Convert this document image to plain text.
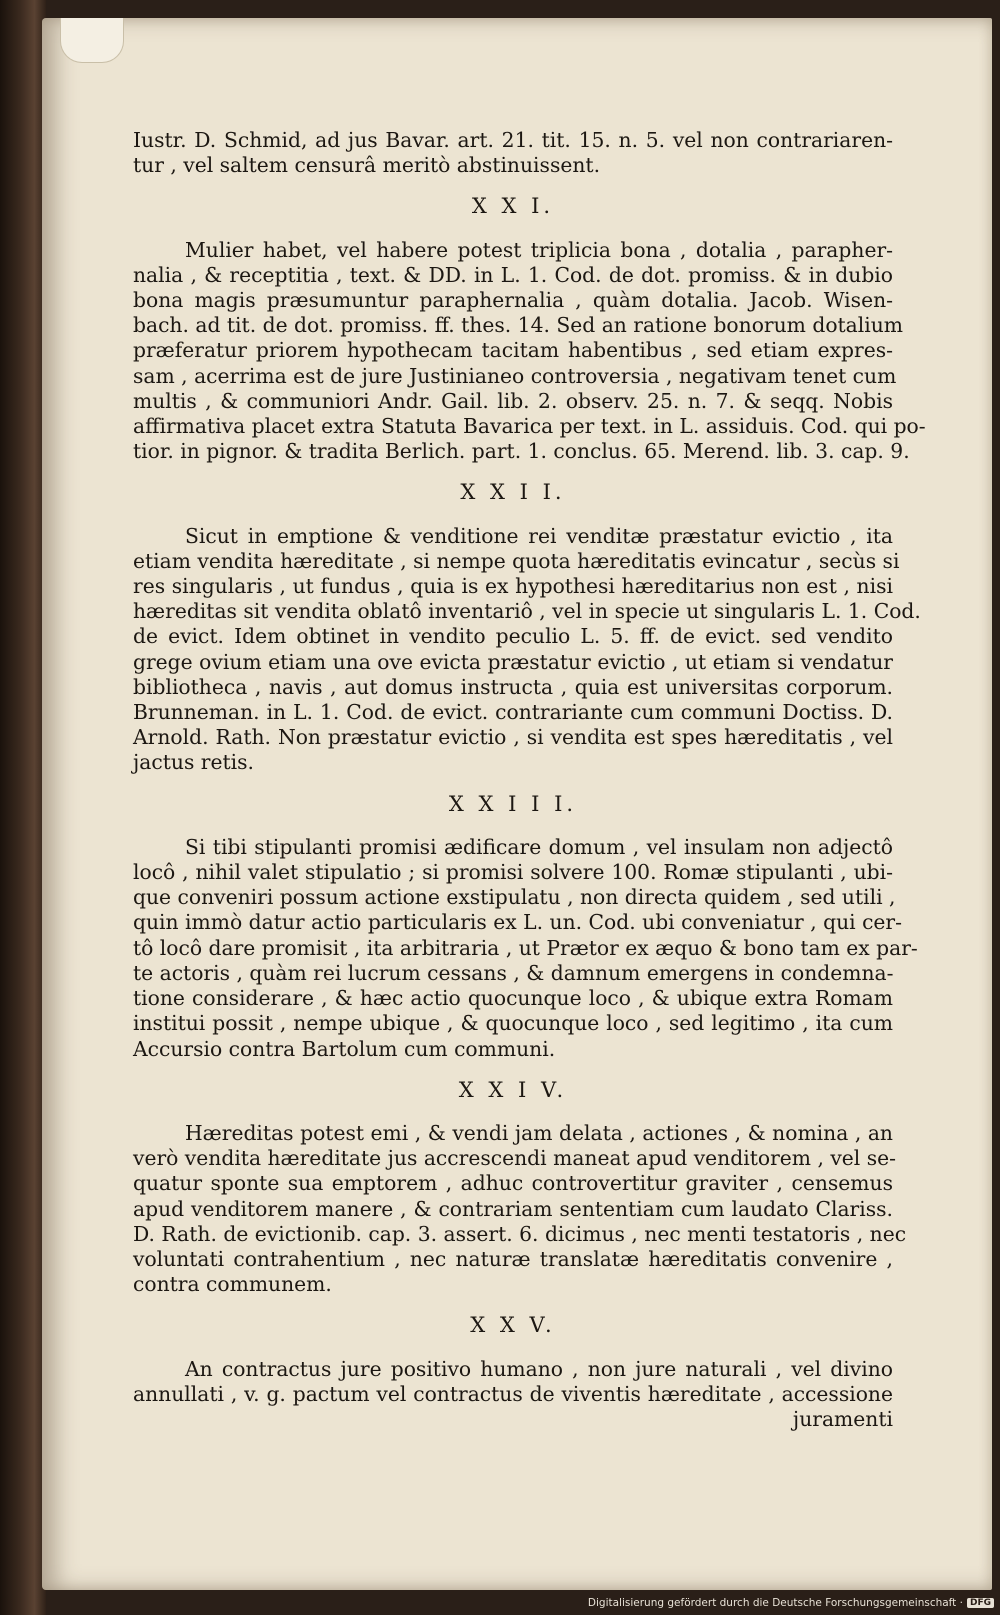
Iustr. D. Schmid, ad jus Bavar. art. 21. tit. 15. n. 5. vel non contrariaren-
tur , vel saltem censurâ meritò abstinuissent.
X X I.
Mulier habet, vel habere potest triplicia bona , dotalia , parapher-
nalia , & receptitia , text. & DD. in L. 1. Cod. de dot. promiss. & in dubio
bona magis præsumuntur paraphernalia , quàm dotalia. Jacob. Wisen-
bach. ad tit. de dot. promiss. ff. thes. 14. Sed an ratione bonorum dotalium
præferatur priorem hypothecam tacitam habentibus , sed etiam expres-
sam , acerrima est de jure Justinianeo controversia , negativam tenet cum
multis , & communiori Andr. Gail. lib. 2. observ. 25. n. 7. & seqq. Nobis
affirmativa placet extra Statuta Bavarica per text. in L. assiduis. Cod. qui po-
tior. in pignor. & tradita Berlich. part. 1. conclus. 65. Merend. lib. 3. cap. 9.
X X I I.
Sicut in emptione & venditione rei venditæ præstatur evictio , ita
etiam vendita hæreditate , si nempe quota hæreditatis evincatur , secùs si
res singularis , ut fundus , quia is ex hypothesi hæreditarius non est , nisi
hæreditas sit vendita oblatô inventariô , vel in specie ut singularis L. 1. Cod.
de evict. Idem obtinet in vendito peculio L. 5. ff. de evict. sed vendito
grege ovium etiam una ove evicta præstatur evictio , ut etiam si vendatur
bibliotheca , navis , aut domus instructa , quia est universitas corporum.
Brunneman. in L. 1. Cod. de evict. contrariante cum communi Doctiss. D.
Arnold. Rath. Non præstatur evictio , si vendita est spes hæreditatis , vel
jactus retis.
X X I I I.
Si tibi stipulanti promisi ædificare domum , vel insulam non adjectô
locô , nihil valet stipulatio ; si promisi solvere 100. Romæ stipulanti , ubi-
que conveniri possum actione exstipulatu , non directa quidem , sed utili ,
quin immò datur actio particularis ex L. un. Cod. ubi conveniatur , qui cer-
tô locô dare promisit , ita arbitraria , ut Prætor ex æquo & bono tam ex par-
te actoris , quàm rei lucrum cessans , & damnum emergens in condemna-
tione considerare , & hæc actio quocunque loco , & ubique extra Romam
institui possit , nempe ubique , & quocunque loco , sed legitimo , ita cum
Accursio contra Bartolum cum communi.
X X I V.
Hæreditas potest emi , & vendi jam delata , actiones , & nomina , an
verò vendita hæreditate jus accrescendi maneat apud venditorem , vel se-
quatur sponte sua emptorem , adhuc controvertitur graviter , censemus
apud venditorem manere , & contrariam sententiam cum laudato Clariss.
D. Rath. de evictionib. cap. 3. assert. 6. dicimus , nec menti testatoris , nec
voluntati contrahentium , nec naturæ translatæ hæreditatis convenire ,
contra communem.
X X V.
An contractus jure positivo humano , non jure naturali , vel divino
annullati , v. g. pactum vel contractus de viventis hæreditate , accessione
juramenti
Digitalisierung gefördert durch die Deutsche Forschungsgemeinschaft · DFG
